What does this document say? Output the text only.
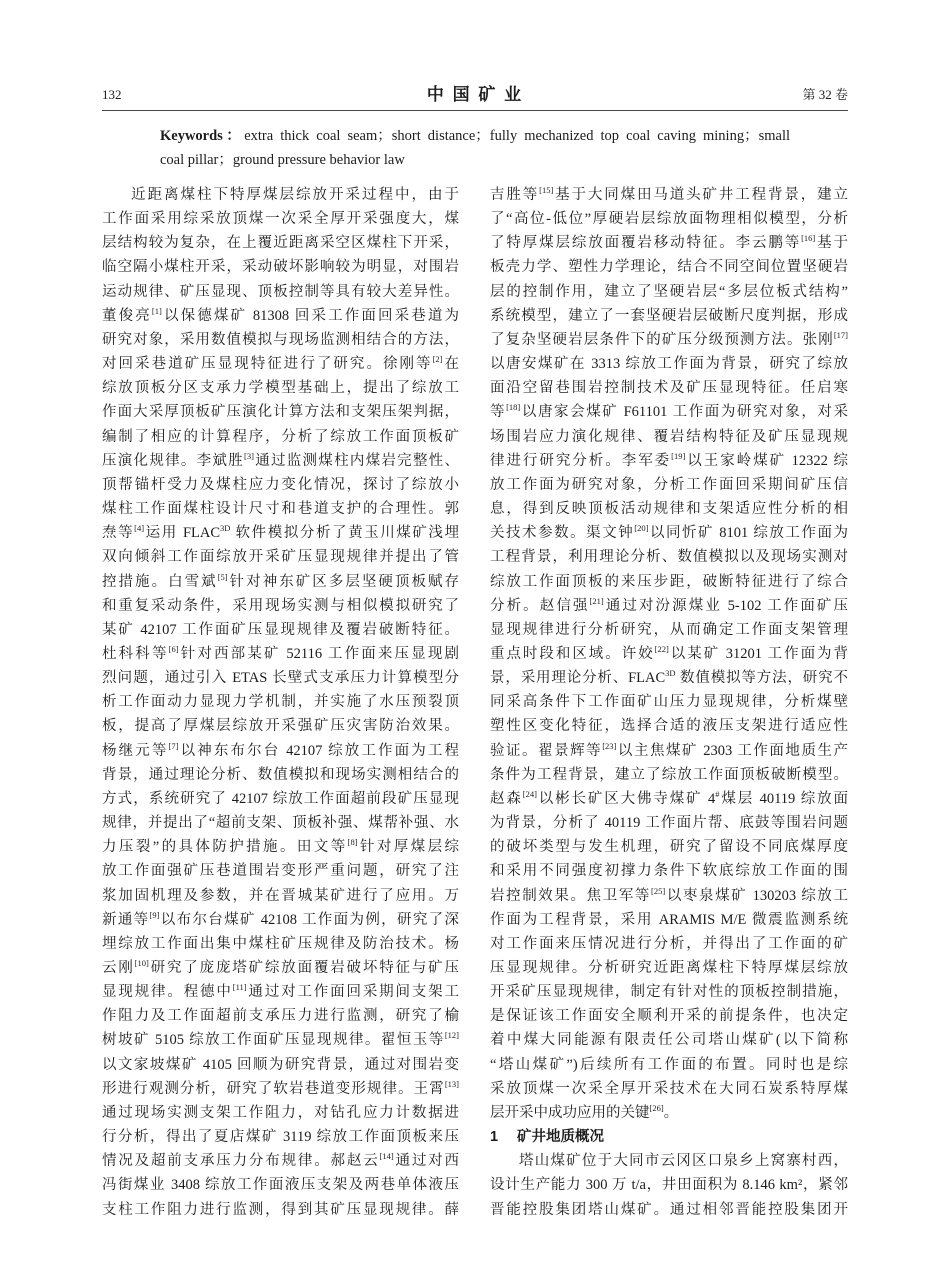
132	中 国 矿 业	第 32 卷
Keywords：extra thick coal seam；short distance；fully mechanized top coal caving mining；small
coal pillar；ground pressure behavior law
近距离煤柱下特厚煤层综放开采过程中，由于
工作面采用综采放顶煤一次采全厚开采强度大，煤
层结构较为复杂，在上覆近距离采空区煤柱下开采，
临空隔小煤柱开采，采动破坏影响较为明显，对围岩
运动规律、矿压显现、顶板控制等具有较大差异性。
董俊亮[1]以保德煤矿 81308 回采工作面回采巷道为
研究对象，采用数值模拟与现场监测相结合的方法，
对回采巷道矿压显现特征进行了研究。徐刚等[2]在
综放顶板分区支承力学模型基础上，提出了综放工
作面大采厚顶板矿压演化计算方法和支架压架判据，
编制了相应的计算程序，分析了综放工作面顶板矿
压演化规律。李斌胜[3]通过监测煤柱内煤岩完整性、
顶帮锚杆受力及煤柱应力变化情况，探讨了综放小
煤柱工作面煤柱设计尺寸和巷道支护的合理性。郭
焘等[4]运用 FLAC$^{3D}$ 软件模拟分析了黄玉川煤矿浅埋
双向倾斜工作面综放开采矿压显现规律并提出了管
控措施。白雪斌[5]针对神东矿区多层坚硬顶板赋存
和重复采动条件，采用现场实测与相似模拟研究了
某矿 42107 工作面矿压显现规律及覆岩破断特征。
杜科科等[6]针对西部某矿 52116 工作面来压显现剧
烈问题，通过引入 ETAS 长壁式支承压力计算模型分
析工作面动力显现力学机制，并实施了水压预裂顶
板，提高了厚煤层综放开采强矿压灾害防治效果。
杨继元等[7]以神东布尔台 42107 综放工作面为工程
背景，通过理论分析、数值模拟和现场实测相结合的
方式，系统研究了 42107 综放工作面超前段矿压显现
规律，并提出了“超前支架、顶板补强、煤帮补强、水
力压裂”的具体防护措施。田文等[8]针对厚煤层综
放工作面强矿压巷道围岩变形严重问题，研究了注
浆加固机理及参数，并在晋城某矿进行了应用。万
新通等[9]以布尔台煤矿 42108 工作面为例，研究了深
埋综放工作面出集中煤柱矿压规律及防治技术。杨
云刚[10]研究了庞庞塔矿综放面覆岩破坏特征与矿压
显现规律。程德中[11]通过对工作面回采期间支架工
作阻力及工作面超前支承压力进行监测，研究了榆
树坡矿 5105 综放工作面矿压显现规律。翟恒玉等[12]
以文家坡煤矿 4105 回顺为研究背景，通过对围岩变
形进行观测分析，研究了软岩巷道变形规律。王霄[13]
通过现场实测支架工作阻力，对钻孔应力计数据进
行分析，得出了夏店煤矿 3119 综放工作面顶板来压
情况及超前支承压力分布规律。郝赵云[14]通过对西
冯街煤业 3408 综放工作面液压支架及两巷单体液压
支柱工作阻力进行监测，得到其矿压显现规律。薛
吉胜等[15]基于大同煤田马道头矿井工程背景，建立
了“高位-低位”厚硬岩层综放面物理相似模型，分析
了特厚煤层综放面覆岩移动特征。李云鹏等[16]基于
板壳力学、塑性力学理论，结合不同空间位置坚硬岩
层的控制作用，建立了坚硬岩层“多层位板式结构”
系统模型，建立了一套坚硬岩层破断尺度判据，形成
了复杂坚硬岩层条件下的矿压分级预测方法。张刚[17]
以唐安煤矿在 3313 综放工作面为背景，研究了综放
面沿空留巷围岩控制技术及矿压显现特征。任启寒
等[18]以唐家会煤矿 F61101 工作面为研究对象，对采
场围岩应力演化规律、覆岩结构特征及矿压显现规
律进行研究分析。李军委[19]以王家岭煤矿 12322 综
放工作面为研究对象，分析工作面回采期间矿压信
息，得到反映顶板活动规律和支架适应性分析的相
关技术参数。渠文钟[20]以同忻矿 8101 综放工作面为
工程背景，利用理论分析、数值模拟以及现场实测对
综放工作面顶板的来压步距，破断特征进行了综合
分析。赵信强[21]通过对汾源煤业 5-102 工作面矿压
显现规律进行分析研究，从而确定工作面支架管理
重点时段和区域。许姣[22]以某矿 31201 工作面为背
景，采用理论分析、FLAC$^{3D}$ 数值模拟等方法，研究不
同采高条件下工作面矿山压力显现规律，分析煤壁
塑性区变化特征，选择合适的液压支架进行适应性
验证。翟景辉等[23]以主焦煤矿 2303 工作面地质生产
条件为工程背景，建立了综放工作面顶板破断模型。
赵森[24]以彬长矿区大佛寺煤矿 4#煤层 40119 综放面
为背景，分析了 40119 工作面片帮、底鼓等围岩问题
的破坏类型与发生机理，研究了留设不同底煤厚度
和采用不同强度初撑力条件下软底综放工作面的围
岩控制效果。焦卫军等[25]以枣泉煤矿 130203 综放工
作面为工程背景，采用 ARAMIS M/E 微震监测系统
对工作面来压情况进行分析，并得出了工作面的矿
压显现规律。分析研究近距离煤柱下特厚煤层综放
开采矿压显现规律，制定有针对性的顶板控制措施，
是保证该工作面安全顺利开采的前提条件，也决定
着中煤大同能源有限责任公司塔山煤矿(以下简称
“塔山煤矿”)后续所有工作面的布置。同时也是综
采放顶煤一次采全厚开采技术在大同石炭系特厚煤
层开采中成功应用的关键[26]。
1 矿井地质概况
塔山煤矿位于大同市云冈区口泉乡上窝寨村西，
设计生产能力 300 万 t/a，井田面积为 8.146 km²，紧邻
晋能控股集团塔山煤矿。通过相邻晋能控股集团开
